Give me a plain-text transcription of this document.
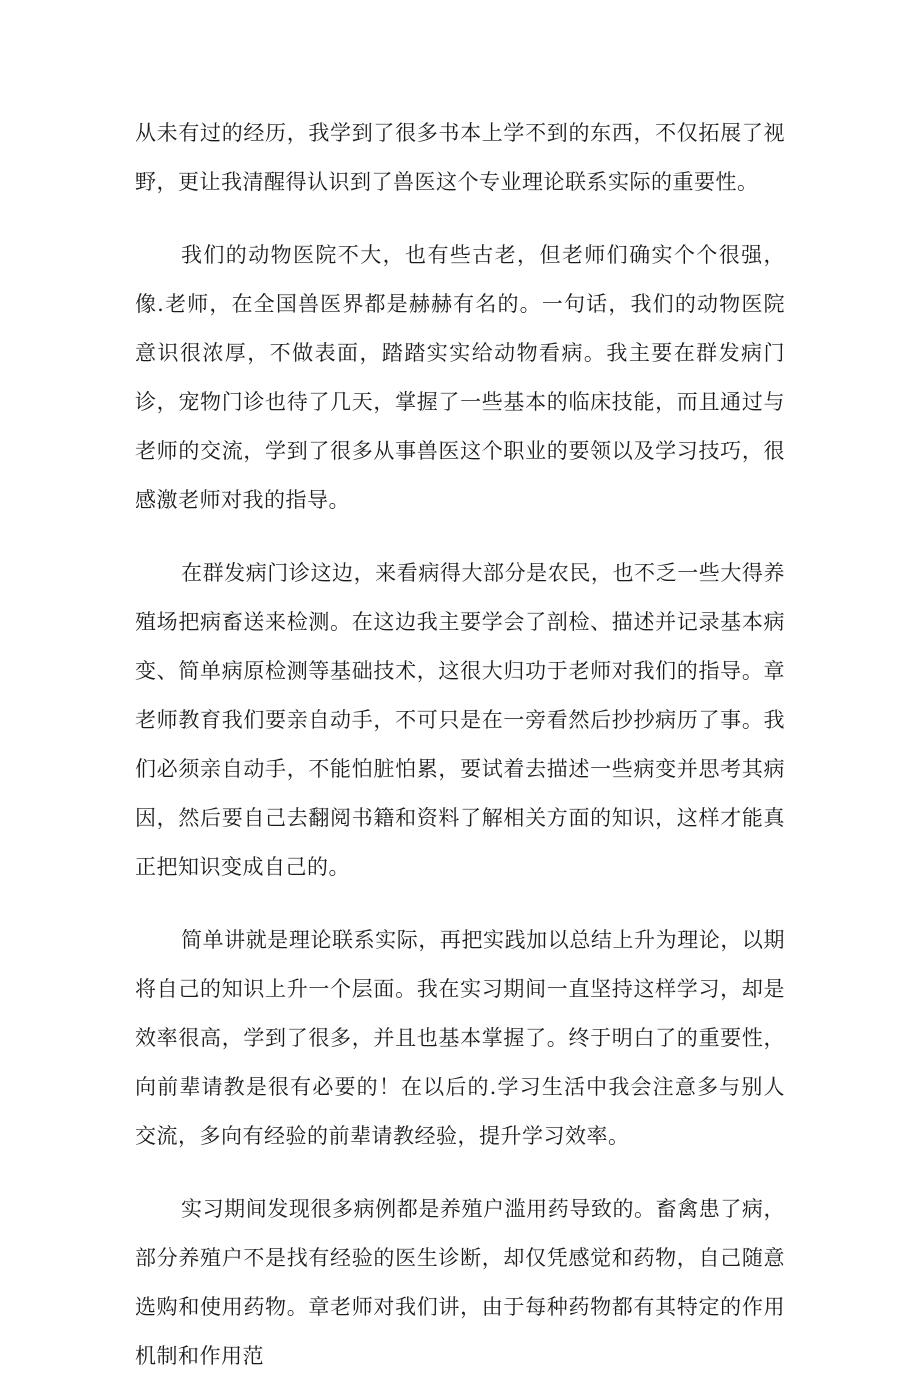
从未有过的经历，我学到了很多书本上学不到的东西，不仅拓展了视野，更让我清醒得认识到了兽医这个专业理论联系实际的重要性。

我们的动物医院不大，也有些古老，但老师们确实个个很强，像.老师，在全国兽医界都是赫赫有名的。一句话，我们的动物医院意识很浓厚，不做表面，踏踏实实给动物看病。我主要在群发病门诊，宠物门诊也待了几天，掌握了一些基本的临床技能，而且通过与老师的交流，学到了很多从事兽医这个职业的要领以及学习技巧，很感激老师对我的指导。

在群发病门诊这边，来看病得大部分是农民，也不乏一些大得养殖场把病畜送来检测。在这边我主要学会了剖检、描述并记录基本病变、简单病原检测等基础技术，这很大归功于老师对我们的指导。章老师教育我们要亲自动手，不可只是在一旁看然后抄抄病历了事。我们必须亲自动手，不能怕脏怕累，要试着去描述一些病变并思考其病因，然后要自己去翻阅书籍和资料了解相关方面的知识，这样才能真正把知识变成自己的。

简单讲就是理论联系实际，再把实践加以总结上升为理论，以期将自己的知识上升一个层面。我在实习期间一直坚持这样学习，却是效率很高，学到了很多，并且也基本掌握了。终于明白了的重要性，向前辈请教是很有必要的！在以后的.学习生活中我会注意多与别人交流，多向有经验的前辈请教经验，提升学习效率。

实习期间发现很多病例都是养殖户滥用药导致的。畜禽患了病，部分养殖户不是找有经验的医生诊断，却仅凭感觉和药物，自己随意选购和使用药物。章老师对我们讲，由于每种药物都有其特定的作用机制和作用范
